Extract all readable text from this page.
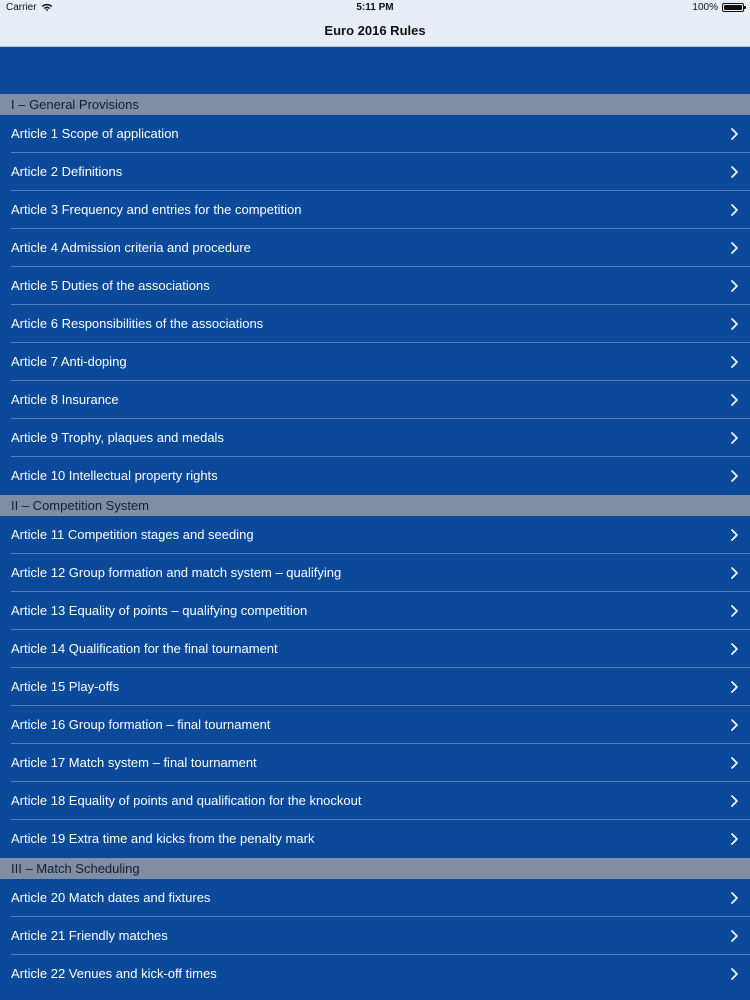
Carrier	5:11 PM	100%
Euro 2016 Rules
I – General Provisions
Article 1 Scope of application
Article 2 Definitions
Article 3 Frequency and entries for the competition
Article 4 Admission criteria and procedure
Article 5 Duties of the associations
Article 6 Responsibilities of the associations
Article 7 Anti-doping
Article 8 Insurance
Article 9 Trophy, plaques and medals
Article 10 Intellectual property rights
II – Competition System
Article 11 Competition stages and seeding
Article 12 Group formation and match system – qualifying
Article 13 Equality of points – qualifying competition
Article 14 Qualification for the final tournament
Article 15 Play-offs
Article 16 Group formation – final tournament
Article 17 Match system – final tournament
Article 18 Equality of points and qualification for the knockout
Article 19 Extra time and kicks from the penalty mark
III – Match Scheduling
Article 20 Match dates and fixtures
Article 21 Friendly matches
Article 22 Venues and kick-off times
